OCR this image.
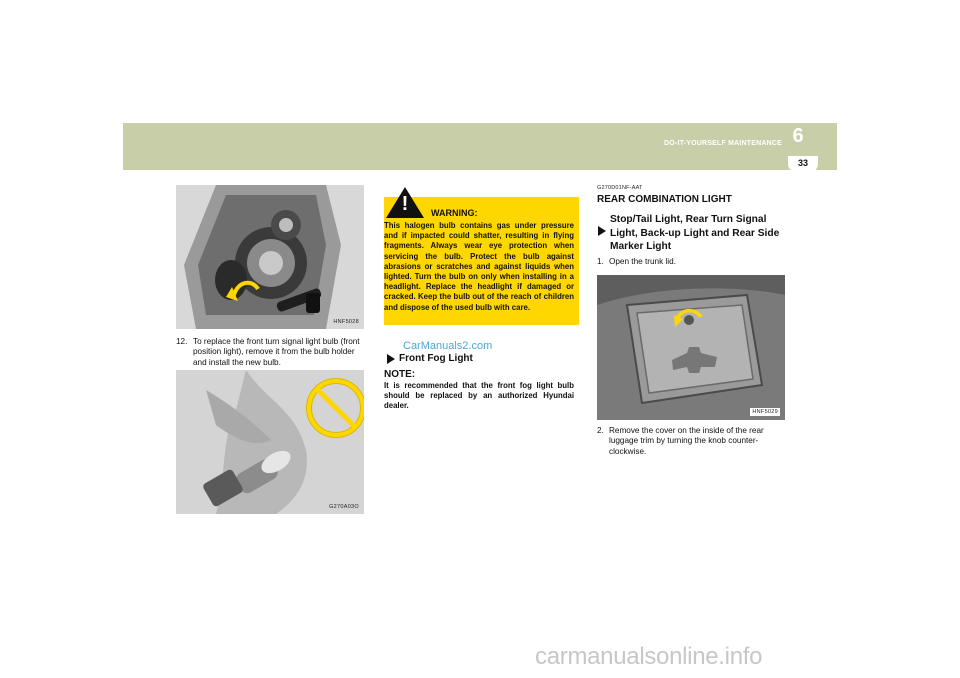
DO-IT-YOURSELF MAINTENANCE 6
33
HNF5028
12. To replace the front turn signal light bulb (front position light), remove it from the bulb holder and install the new bulb.
G270A03O
!	WARNING:
This halogen bulb contains gas under pressure and if impacted could shatter, resulting in flying fragments. Always wear eye protection when servicing the bulb. Protect the bulb against abrasions or scratches and against liquids when lighted. Turn the bulb on only when installing in a headlight. Replace the headlight if damaged or cracked. Keep the bulb out of the reach of children and dispose of the used bulb with care.
CarManuals2.com
Front Fog Light
NOTE:
It is recommended that the front fog light bulb should be replaced by an authorized Hyundai dealer.
G270D01NF-AAT
REAR COMBINATION LIGHT
Stop/Tail Light, Rear Turn Signal Light, Back-up Light and Rear Side Marker Light
1. Open the trunk lid.
HNF5029
2. Remove the cover on the inside of the rear luggage trim by turning the knob counter-clockwise.
carmanualsonline.info
